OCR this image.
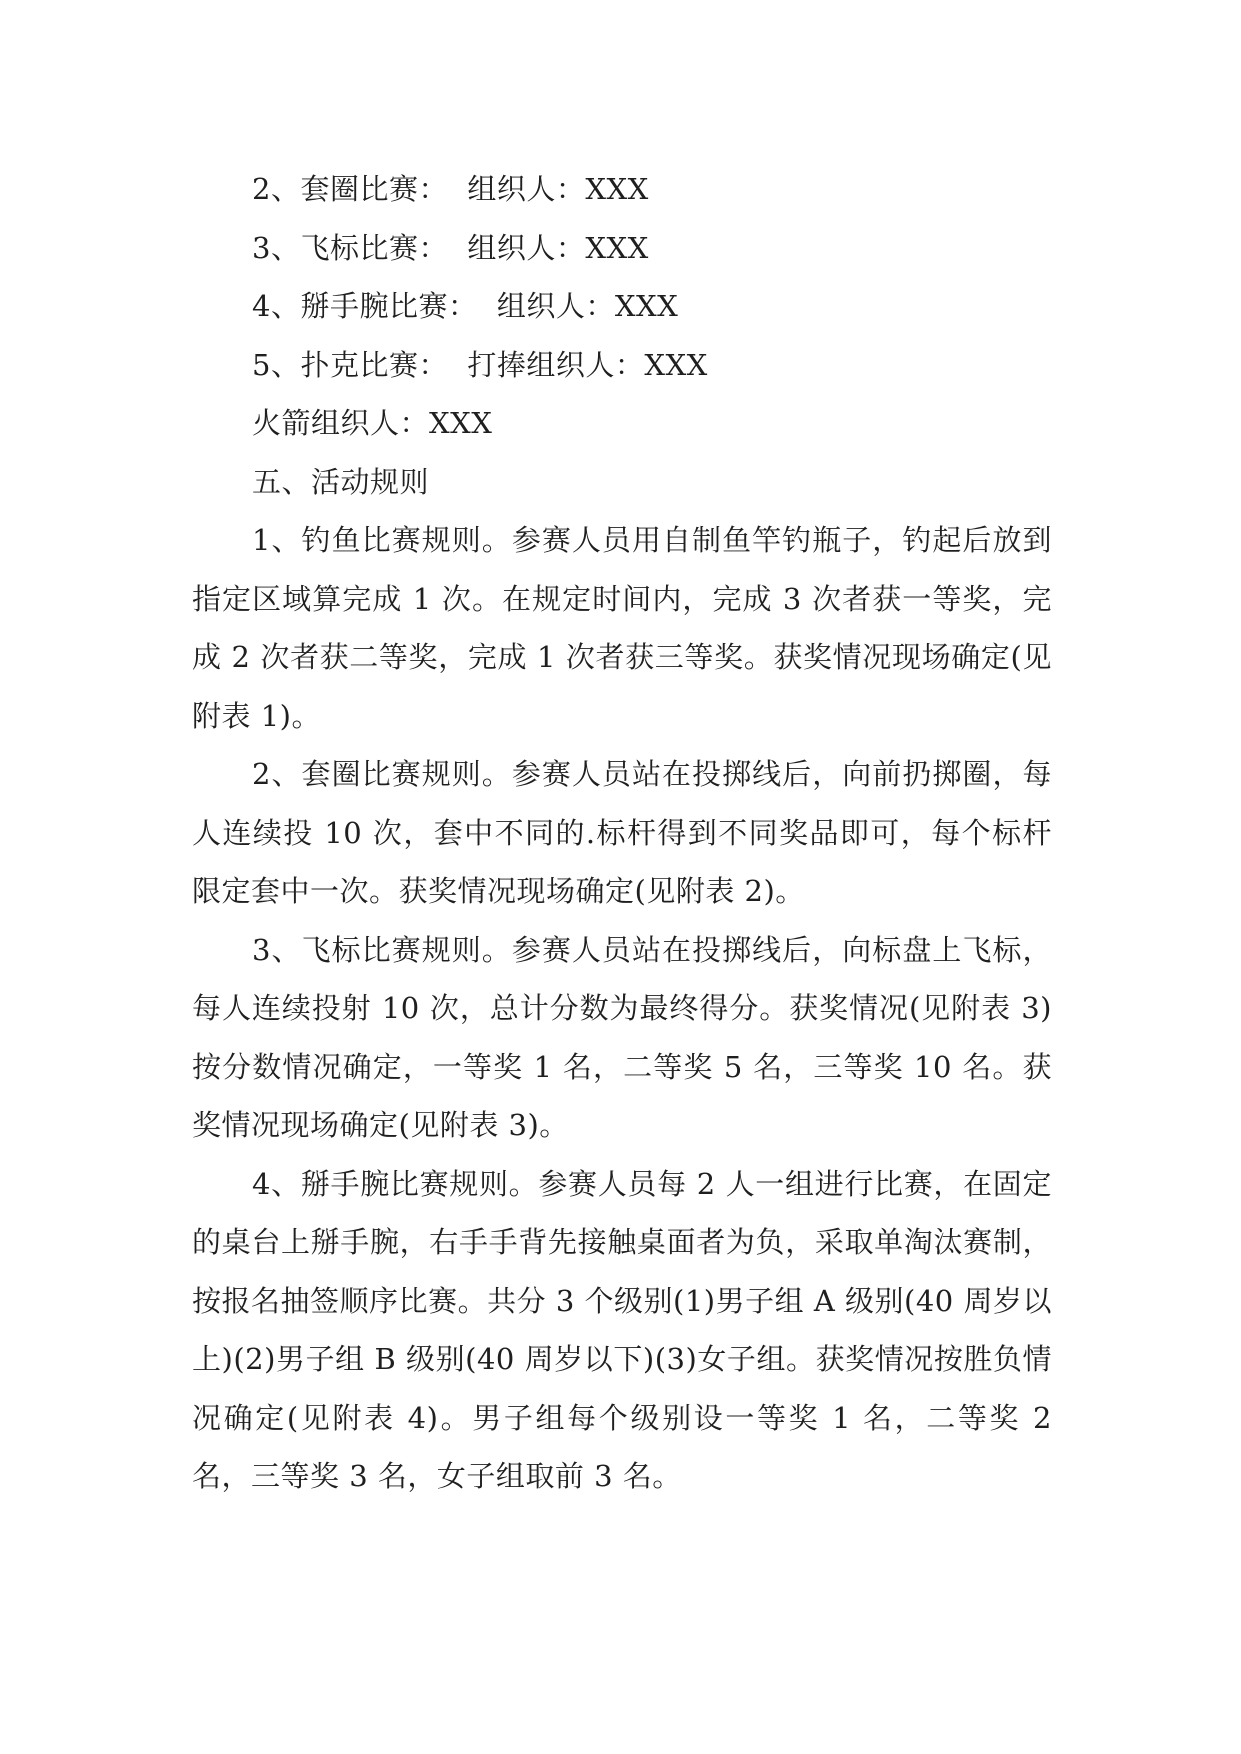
2、套圈比赛：  组织人：XXX
3、飞标比赛：  组织人：XXX
4、掰手腕比赛：  组织人：XXX
5、扑克比赛：  打捧组织人：XXX
火箭组织人：XXX
五、活动规则

1、钓鱼比赛规则。参赛人员用自制鱼竿钓瓶子，钓起后放到指定区域算完成 1 次。在规定时间内，完成 3 次者获一等奖，完成 2 次者获二等奖，完成 1 次者获三等奖。获奖情况现场确定(见附表 1)。

2、套圈比赛规则。参赛人员站在投掷线后，向前扔掷圈，每人连续投 10 次，套中不同的.标杆得到不同奖品即可，每个标杆限定套中一次。获奖情况现场确定(见附表 2)。

3、飞标比赛规则。参赛人员站在投掷线后，向标盘上飞标，每人连续投射 10 次，总计分数为最终得分。获奖情况(见附表 3)按分数情况确定，一等奖 1 名，二等奖 5 名，三等奖 10 名。获奖情况现场确定(见附表 3)。

4、掰手腕比赛规则。参赛人员每 2 人一组进行比赛，在固定的桌台上掰手腕，右手手背先接触桌面者为负，采取单淘汰赛制，按报名抽签顺序比赛。共分 3 个级别(1)男子组 A 级别(40 周岁以上)(2)男子组 B 级别(40 周岁以下)(3)女子组。获奖情况按胜负情况确定(见附表 4)。男子组每个级别设一等奖 1 名，二等奖 2 名，三等奖 3 名，女子组取前 3 名。
